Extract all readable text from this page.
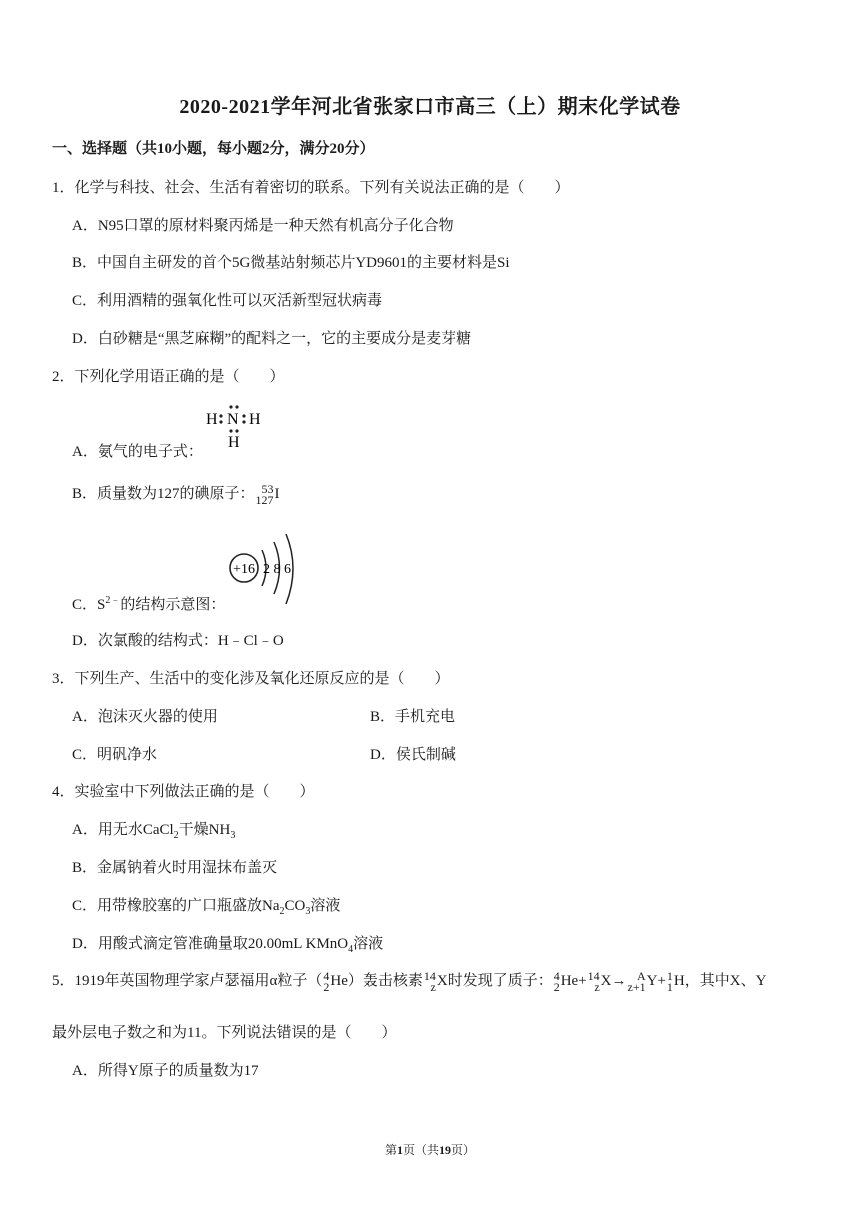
2020-2021学年河北省张家口市高三（上）期末化学试卷
一、选择题（共10小题，每小题2分，满分20分）
1．化学与科技、社会、生活有着密切的联系。下列有关说法正确的是（　　）
A．N95口罩的原材料聚丙烯是一种天然有机高分子化合物
B．中国自主研发的首个5G微基站射频芯片YD9601的主要材料是Si
C．利用酒精的强氧化性可以灭活新型冠状病毒
D．白砂糖是“黑芝麻糊”的配料之一，它的主要成分是麦芽糖
2．下列化学用语正确的是（　　）
A．氨气的电子式：
H N H
H
B．质量数为127的碘原子： 53
127 I
C．$S^{2﹣}$的结构示意图：
+16 2 8 6
D．次氯酸的结构式：H﹣Cl﹣O
3．下列生产、生活中的变化涉及氧化还原反应的是（　　）
A．泡沫灭火器的使用	B．手机充电
C．明矾净水	D．侯氏制碱
4．实验室中下列做法正确的是（　　）
A．用无水CaCl$_2$干燥$NH_3$
B．金属钠着火时用湿抹布盖灭
C．用带橡胶塞的广口瓶盛放$Na_2CO_3$溶液
D．用酸式滴定管准确量取20.00mL KMnO$_4$溶液
5．1919年英国物理学家卢瑟福用α粒子（ 4
2 He）轰击核素 14
z X时发现了质子： 4
2 He+ 14
z X→ A
z+1 Y+ 1
1 H，其中X、Y
最外层电子数之和为11。下列说法错误的是（　　）
A．所得Y原子的质量数为17
第1页（共19页）
